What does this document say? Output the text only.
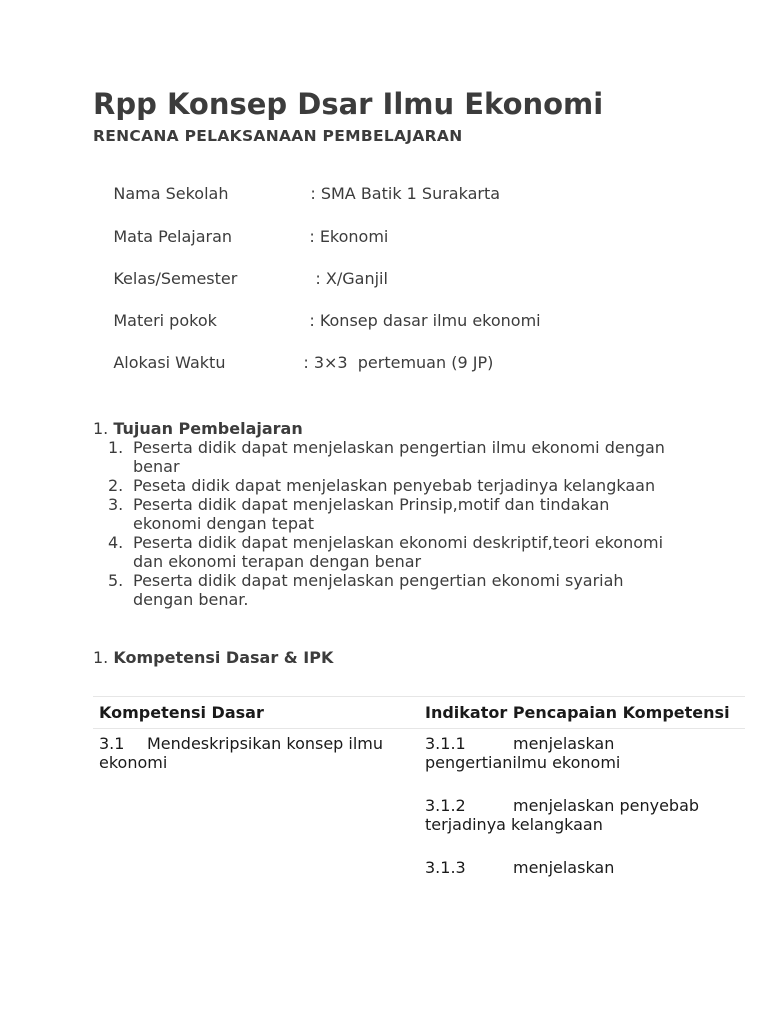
Rpp Konsep Dsar Ilmu Ekonomi
RENCANA PELAKSANAAN PEMBELAJARAN

Nama Sekolah	: SMA Batik 1 Surakarta

Mata Pelajaran	: Ekonomi

Kelas/Semester	: X/Ganjil

Materi pokok	: Konsep dasar ilmu ekonomi

Alokasi Waktu	: 3×3  pertemuan (9 JP)

1. Tujuan Pembelajaran
1. Peserta didik dapat menjelaskan pengertian ilmu ekonomi dengan benar
2. Peseta didik dapat menjelaskan penyebab terjadinya kelangkaan
3. Peserta didik dapat menjelaskan Prinsip,motif dan tindakan ekonomi dengan tepat
4. Peserta didik dapat menjelaskan ekonomi deskriptif,teori ekonomi dan ekonomi terapan dengan benar
5. Peserta didik dapat menjelaskan pengertian ekonomi syariah dengan benar.
1. Kompetensi Dasar & IPK
Kompetensi Dasar	Indikator Pencapaian Kompetensi
3.1 Mendeskripsikan konsep ilmu ekonomi	3.1.1 menjelaskan pengertianilmu ekonomi

3.1.2 menjelaskan penyebab terjadinya kelangkaan

3.1.3 menjelaskan
